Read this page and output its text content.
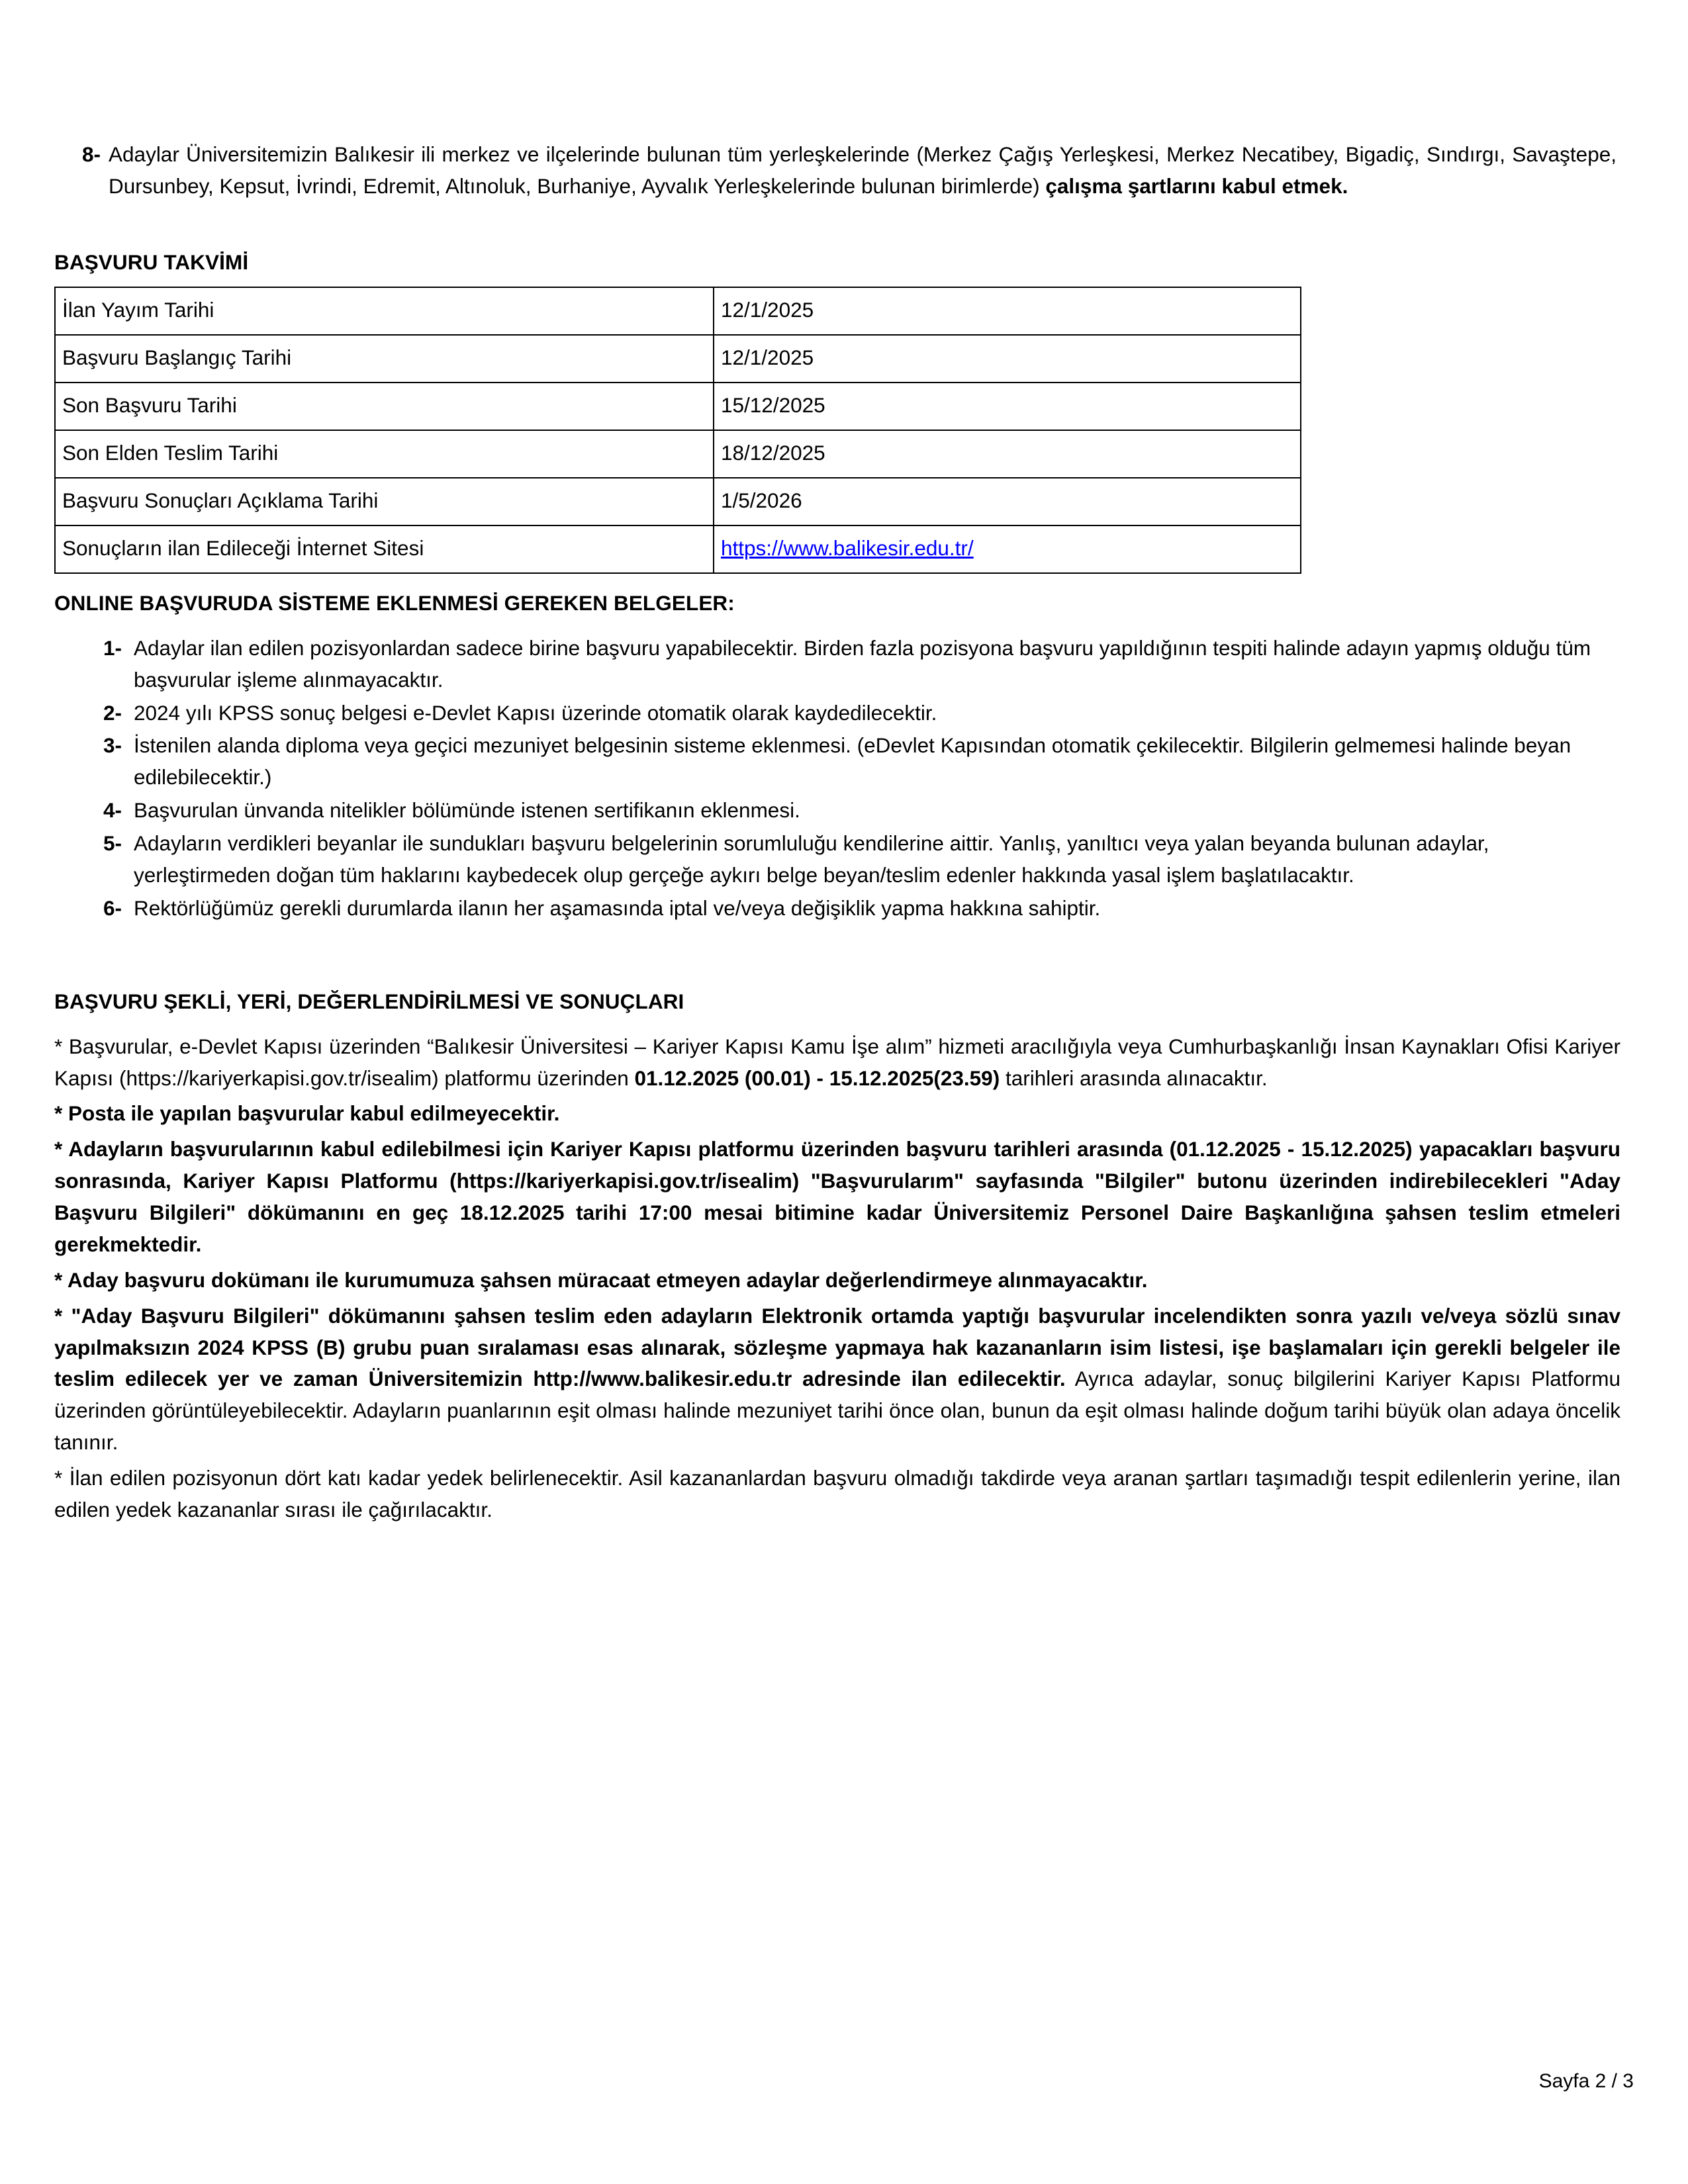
8- Adaylar Üniversitemizin Balıkesir ili merkez ve ilçelerinde bulunan tüm yerleşkelerinde (Merkez Çağış Yerleşkesi, Merkez Necatibey, Bigadiç, Sındırgı, Savaştepe, Dursunbey, Kepsut, İvrindi, Edremit, Altınoluk, Burhaniye, Ayvalık Yerleşkelerinde bulunan birimlerde) çalışma şartlarını kabul etmek.
BAŞVURU TAKVİMİ
İlan Yayım Tarihi	12/1/2025
Başvuru Başlangıç Tarihi	12/1/2025
Son Başvuru Tarihi	15/12/2025
Son Elden Teslim Tarihi	18/12/2025
Başvuru Sonuçları Açıklama Tarihi	1/5/2026
Sonuçların ilan Edileceği İnternet Sitesi	https://www.balikesir.edu.tr/
ONLINE BAŞVURUDA SİSTEME EKLENMESİ GEREKEN BELGELER:
1- Adaylar ilan edilen pozisyonlardan sadece birine başvuru yapabilecektir. Birden fazla pozisyona başvuru yapıldığının tespiti halinde adayın yapmış olduğu tüm başvurular işleme alınmayacaktır.
2- 2024 yılı KPSS sonuç belgesi e-Devlet Kapısı üzerinde otomatik olarak kaydedilecektir.
3- İstenilen alanda diploma veya geçici mezuniyet belgesinin sisteme eklenmesi. (eDevlet Kapısından otomatik çekilecektir. Bilgilerin gelmemesi halinde beyan edilebilecektir.)
4- Başvurulan ünvanda nitelikler bölümünde istenen sertifikanın eklenmesi.
5- Adayların verdikleri beyanlar ile sundukları başvuru belgelerinin sorumluluğu kendilerine aittir. Yanlış, yanıltıcı veya yalan beyanda bulunan adaylar, yerleştirmeden doğan tüm haklarını kaybedecek olup gerçeğe aykırı belge beyan/teslim edenler hakkında yasal işlem başlatılacaktır.
6- Rektörlüğümüz gerekli durumlarda ilanın her aşamasında iptal ve/veya değişiklik yapma hakkına sahiptir.
BAŞVURU ŞEKLİ, YERİ, DEĞERLENDİRİLMESİ VE SONUÇLARI

* Başvurular, e-Devlet Kapısı üzerinden “Balıkesir Üniversitesi – Kariyer Kapısı Kamu İşe alım” hizmeti aracılığıyla veya Cumhurbaşkanlığı İnsan Kaynakları Ofisi Kariyer Kapısı (https://kariyerkapisi.gov.tr/isealim) platformu üzerinden 01.12.2025 (00.01) - 15.12.2025(23.59) tarihleri arasında alınacaktır.

* Posta ile yapılan başvurular kabul edilmeyecektir.

* Adayların başvurularının kabul edilebilmesi için Kariyer Kapısı platformu üzerinden başvuru tarihleri arasında (01.12.2025 - 15.12.2025) yapacakları başvuru sonrasında, Kariyer Kapısı Platformu (https://kariyerkapisi.gov.tr/isealim) "Başvurularım" sayfasında "Bilgiler" butonu üzerinden indirebilecekleri "Aday Başvuru Bilgileri" dökümanını en geç 18.12.2025 tarihi 17:00 mesai bitimine kadar Üniversitemiz Personel Daire Başkanlığına şahsen teslim etmeleri gerekmektedir.

* Aday başvuru dokümanı ile kurumumuza şahsen müracaat etmeyen adaylar değerlendirmeye alınmayacaktır.

* "Aday Başvuru Bilgileri" dökümanını şahsen teslim eden adayların Elektronik ortamda yaptığı başvurular incelendikten sonra yazılı ve/veya sözlü sınav yapılmaksızın 2024 KPSS (B) grubu puan sıralaması esas alınarak, sözleşme yapmaya hak kazananların isim listesi, işe başlamaları için gerekli belgeler ile teslim edilecek yer ve zaman Üniversitemizin http://www.balikesir.edu.tr adresinde ilan edilecektir. Ayrıca adaylar, sonuç bilgilerini Kariyer Kapısı Platformu üzerinden görüntüleyebilecektir. Adayların puanlarının eşit olması halinde mezuniyet tarihi önce olan, bunun da eşit olması halinde doğum tarihi büyük olan adaya öncelik tanınır.

* İlan edilen pozisyonun dört katı kadar yedek belirlenecektir. Asil kazananlardan başvuru olmadığı takdirde veya aranan şartları taşımadığı tespit edilenlerin yerine, ilan edilen yedek kazananlar sırası ile çağırılacaktır.

Sayfa 2 / 3
